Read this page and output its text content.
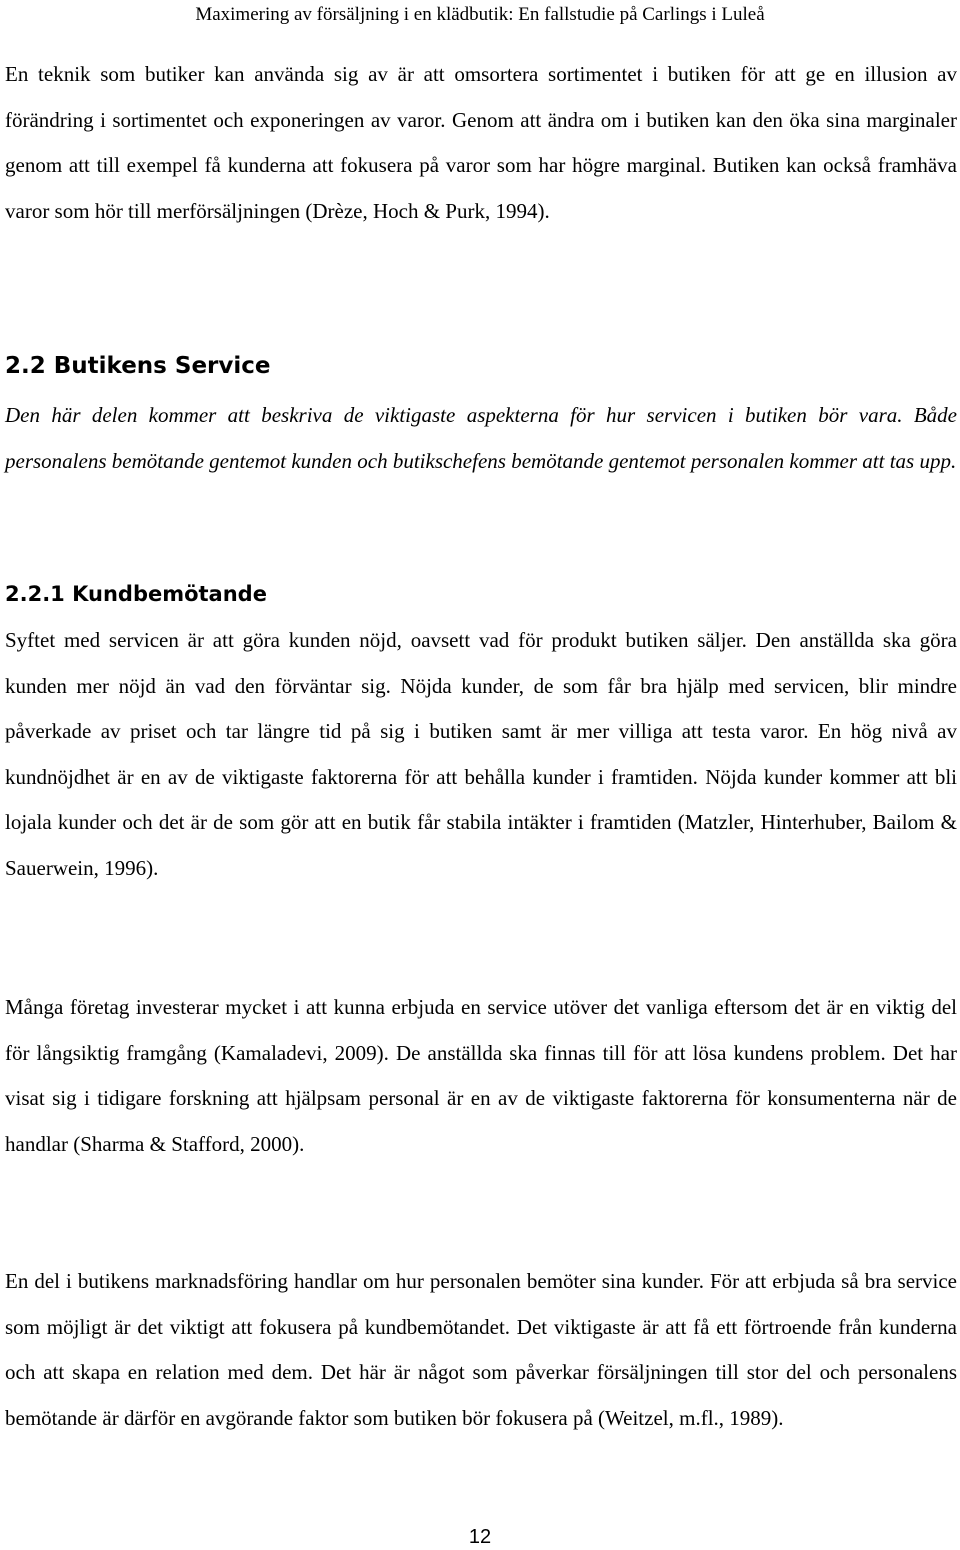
Maximering av försäljning i en klädbutik: En fallstudie på Carlings i Luleå

En teknik som butiker kan använda sig av är att omsortera sortimentet i butiken för att ge en illusion av förändring i sortimentet och exponeringen av varor. Genom att ändra om i butiken kan den öka sina marginaler genom att till exempel få kunderna att fokusera på varor som har högre marginal. Butiken kan också framhäva varor som hör till merförsäljningen (Drèze, Hoch & Purk, 1994).

2.2 Butikens Service

Den här delen kommer att beskriva de viktigaste aspekterna för hur servicen i butiken bör vara. Både personalens bemötande gentemot kunden och butikschefens bemötande gentemot personalen kommer att tas upp.

2.2.1 Kundbemötande

Syftet med servicen är att göra kunden nöjd, oavsett vad för produkt butiken säljer. Den anställda ska göra kunden mer nöjd än vad den förväntar sig. Nöjda kunder, de som får bra hjälp med servicen, blir mindre påverkade av priset och tar längre tid på sig i butiken samt är mer villiga att testa varor. En hög nivå av kundnöjdhet är en av de viktigaste faktorerna för att behålla kunder i framtiden. Nöjda kunder kommer att bli lojala kunder och det är de som gör att en butik får stabila intäkter i framtiden (Matzler, Hinterhuber, Bailom & Sauerwein, 1996).

Många företag investerar mycket i att kunna erbjuda en service utöver det vanliga eftersom det är en viktig del för långsiktig framgång (Kamaladevi, 2009). De anställda ska finnas till för att lösa kundens problem. Det har visat sig i tidigare forskning att hjälpsam personal är en av de viktigaste faktorerna för konsumenterna när de handlar (Sharma & Stafford, 2000).

En del i butikens marknadsföring handlar om hur personalen bemöter sina kunder. För att erbjuda så bra service som möjligt är det viktigt att fokusera på kundbemötandet. Det viktigaste är att få ett förtroende från kunderna och att skapa en relation med dem. Det här är något som påverkar försäljningen till stor del och personalens bemötande är därför en avgörande faktor som butiken bör fokusera på (Weitzel, m.fl., 1989).

12
